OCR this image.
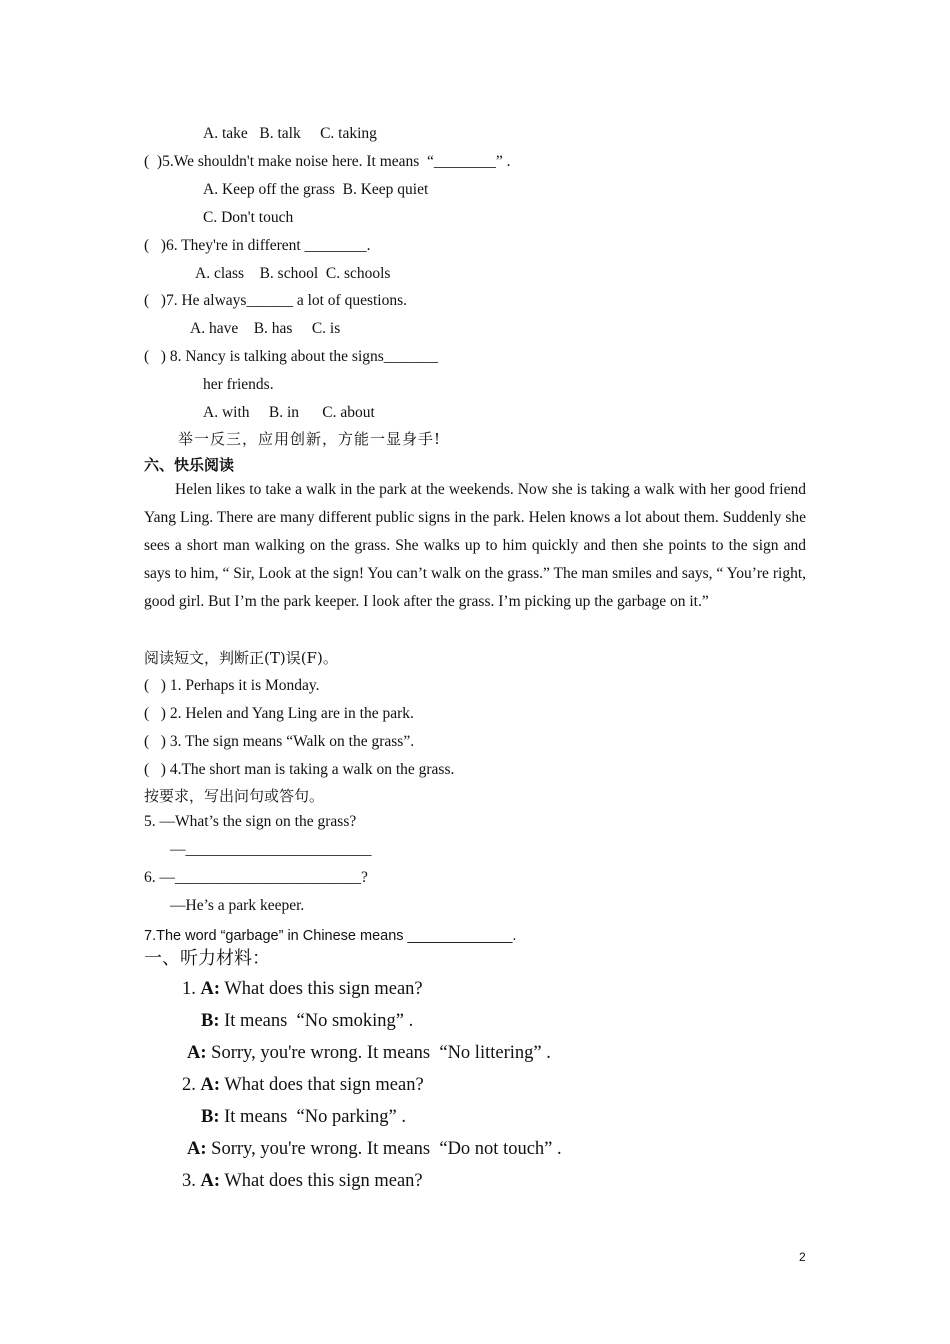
A. take   B. talk     C. taking
(  )5.We shouldn't make noise here. It means  “________” .
A. Keep off the grass  B. Keep quiet
C. Don't touch
(   )6. They're in different ________.
A. class    B. school  C. schools
(   )7. He always______ a lot of questions.
A. have    B. has     C. is
(   ) 8. Nancy is talking about the signs_______
her friends.
A. with     B. in      C. about
举一反三，应用创新，方能一显身手!
六、快乐阅读
Helen likes to take a walk in the park at the weekends. Now she is taking a walk with her good friend Yang Ling. There are many different public signs in the park. Helen knows a lot about them. Suddenly she sees a short man walking on the grass. She walks up to him quickly and then she points to the sign and says to him, “ Sir, Look at the sign! You can’t walk on the grass.” The man smiles and says, “ You’re right, good girl. But I’m the park keeper. I look after the grass. I’m picking up the garbage on it.”
阅读短文，判断正(T)误(F)。
(   ) 1. Perhaps it is Monday.
(   ) 2. Helen and Yang Ling are in the park.
(   ) 3. The sign means “Walk on the grass”.
(   ) 4.The short man is taking a walk on the grass.
按要求，写出问句或答句。
5. —What’s the sign on the grass?
—________________________
6. —________________________?
—He’s a park keeper.
7.The word “garbage” in Chinese means _____________.
一、听力材料：
1. A: What does this sign mean?
B: It means  “No smoking” .
A: Sorry, you're wrong. It means  “No littering” .
2. A: What does that sign mean?
B: It means  “No parking” .
A: Sorry, you're wrong. It means  “Do not touch” .
3. A: What does this sign mean?
2
